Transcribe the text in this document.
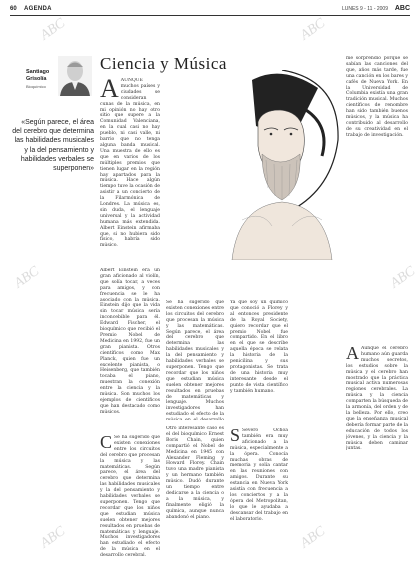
60 AGENDA	LUNES 9 - 11 - 2009 ABC
ABC	ABC
ABC	ABC
ABC	ABC
Santiago Grisolía
Bioquímico
«Según parece, el área del cerebro que determina las habilidades musicales y la del pensamiento y habilidades verbales se superponen»
Ciencia y Música
A AUNQUE muchos países y ciudades se consideran cunas de la música, en mi opinión no hay otro sitio que supere a la Comunidad Valenciana, en la cual casi no hay pueblo, ni casi valle, ni barrio que no tenga alguna banda musical. Una muestra de ello es que en varios de los múltiples premios que tienen lugar en la región hay apartados para la música. Hace algún tiempo tuve la ocasión de asistir a un concierto de la Filarmónica de Londres. La música es, sin duda, el lenguaje universal y la actividad humana más extendida. Albert Einstein afirmaba que, si no hubiera sido físico, habría sido músico.

Albert Einstein era un gran aficionado al violín, que solía tocar, a veces para amigos, y con frecuencia se le ha asociado con la música. Einstein dijo que la vida sin tocar música sería inconcebible para él. Edward Fischer, el bioquímico que recibió el Premio Nobel de Medicina en 1992, fue un gran pianista. Otros científicos como Max Planck, quien fue un excelente pianista, o Heisenberg, que también tocaba el piano, muestran la conexión entre la ciencia y la música. Son muchos los ejemplos de científicos que han destacado como músicos.

C Se ha sugerido que existen conexiones entre los circuitos del cerebro que procesan la música y las matemáticas. Según parece, el área del cerebro que determina las habilidades musicales y la del pensamiento y habilidades verbales se superponen. Tengo que recordar que los niños que estudian música suelen obtener mejores resultados en pruebas de matemáticas y lenguaje. Muchos investigadores han estudiado el efecto de la música en el desarrollo cerebral.

Se ha sugerido que existen conexiones entre los circuitos del cerebro que procesan la música y las matemáticas. Según parece, el área del cerebro que determina las habilidades musicales y la del pensamiento y habilidades verbales se superponen. Tengo que recordar que los niños que estudian música suelen obtener mejores resultados en pruebas de matemáticas y lenguaje. Muchos investigadores han estudiado el efecto de la

Otro interesante caso es el del bioquímico Ernest Boris Chain, quien compartió el Nobel de Medicina en 1945 con Alexander Fleming y Howard Florey. Chain tuvo una madre pianista y un hermano también músico. Dudó durante un tiempo entre dedicarse a la ciencia o a la música, y finalmente eligió la química, aunque nunca abandonó el piano.

Ya que soy un químico que conoció a Florey y al entonces presidente de la Royal Society, quiero recordar que el premio Nobel fue compartido. En el libro en el que se describe aquella época se relata la historia de la penicilina y sus protagonistas. Se trata de una historia muy interesante desde el punto de vista científico y también humano.

S Severo Ochoa también era muy aficionado a la música, especialmente a la ópera. Conocía muchas obras de memoria y solía cantar en las reuniones con amigos. Durante su estancia en Nueva York asistía con frecuencia a los conciertos y a la ópera del Metropolitan, lo que le ayudaba a descansar del trabajo en el laboratorio.

me sorprendió porque se sabían las canciones del que, años más tarde, fue una canción en los bares y cafés de Nueva York. En la Universidad de Columbia existía una gran tradición musical. Muchos científicos de renombre han sido también buenos músicos, y la música ha contribuido al desarrollo de su creatividad en el trabajo de investigación.

A Aunque el cerebro humano aún guarda muchos secretos, los estudios sobre la música y el cerebro han mostrado que la práctica musical activa numerosas regiones cerebrales. La música y la ciencia comparten la búsqueda de la armonía, del orden y de la belleza. Por ello, creo que la enseñanza musical debería formar parte de la educación de todos los jóvenes, y la ciencia y la música deben caminar juntas.
